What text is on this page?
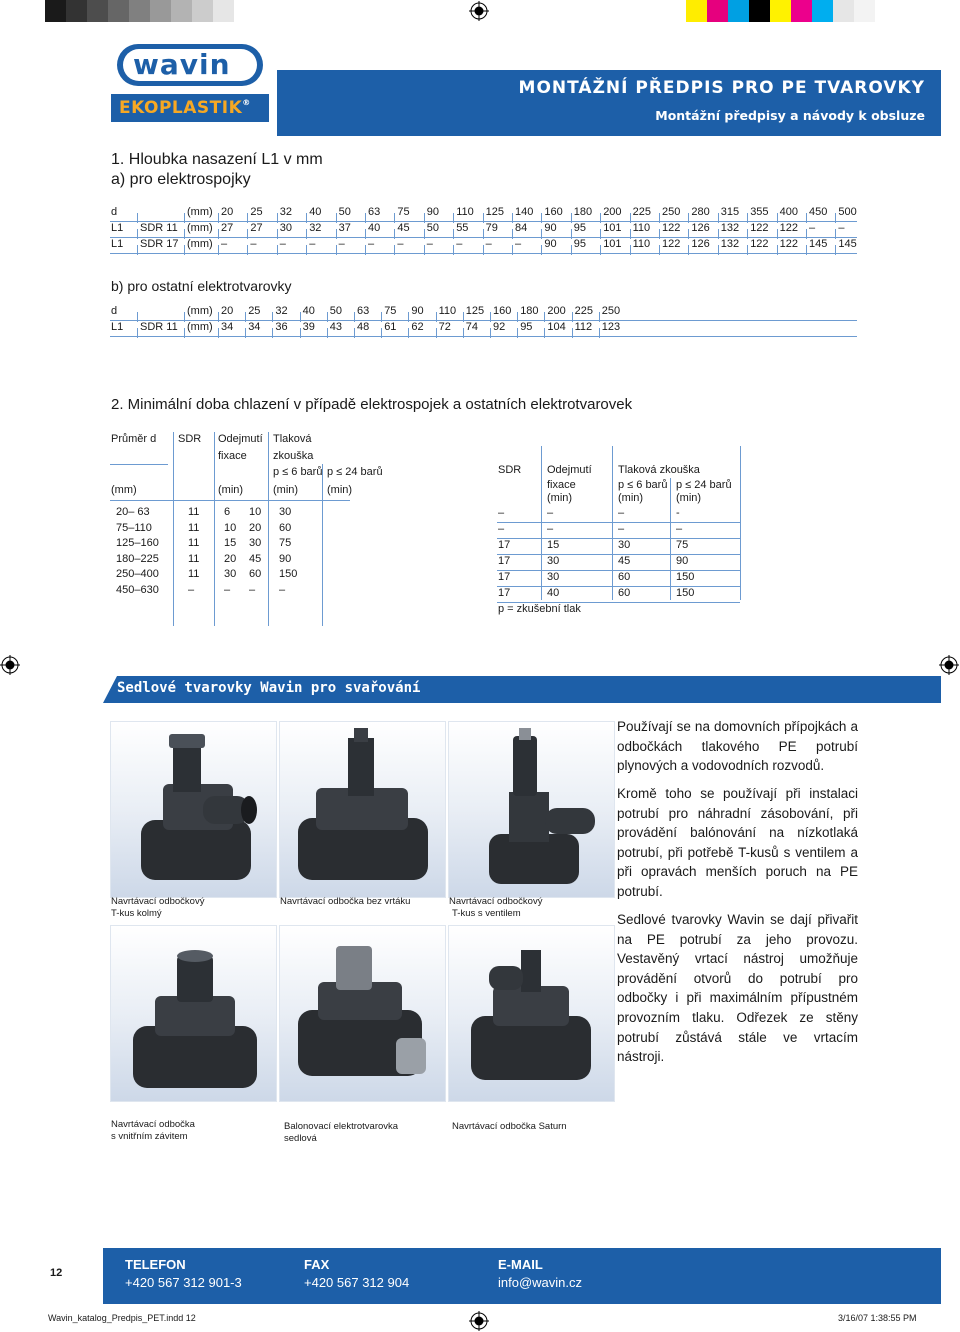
wavin
EKOPLASTIK®
MONTÁŽNÍ PŘEDPIS PRO PE TVAROVKY
Montážní předpisy a návody k obsluze
1. Hloubka nasazení L1 v mm
a) pro elektrospojky
d	(mm) 20 25 32 40 50 63 75 90 110 125 140 160 180 200 225 250 280 315 355 400 450 500
L1 SDR 11 (mm) 27 27 30 32 37 40 45 50 55 79 84 90 95 101 110 122 126 132 122 122 – –
L1 SDR 17 (mm) – – – – – – – – – – – 90 95 101 110 122 126 132 122 122 145 145
b) pro ostatní elektrotvarovky
d	(mm) 20 25 32 40 50 63 75 90 110 125 160 180 200 225 250
L1 SDR 11 (mm) 34 34 36 39 43 48 61 62 72 74 92 95 104 112 123
2. Minimální doba chlazení v případě elektrospojek a ostatních elektrotvarovek
Průměr d SDR Odejmutí
fixace
Tlaková
zkouška
p ≤ 6 barů p ≤ 24 barů
(mm)	(min)	(min)	(min)
20– 63	11 6 10 30
75–110	11 10 20 60
125–160	11 15 30 75
180–225	11 20 45 90
250–400	11 30 60 150
450–630	–	– – –
SDR Odejmutí
fixace
(min)
Tlaková zkouška
p ≤ 6 barů p ≤ 24 barů
(min)	(min)
–	–	–	-
–	–	–	–
17	15	30	75
17	30	45	90
17	30	60	150
17	40	60	150
p = zkušební tlak
Sedlové tvarovky Wavin pro svařování
Navrtávací odbočkový
T-kus kolmý
Navrtávací odbočka bez vrtáku	Navrtávací odbočkový
T-kus s ventilem
Navrtávací odbočka
s vnitřním závitem
Balonovací elektrotvarovka
sedlová
Navrtávací odbočka Saturn
Používají se na domovních přípojkách a odbočkách tlakového PE potrubí plynových a vodovodních rozvodů.
Kromě toho se používají při instalaci potrubí pro náhradní zásobování, při provádění balónování na nízkotlaká potrubí, při potřebě T-kusů s ventilem a při opravách menších poruch na PE potrubí.
Sedlové tvarovky Wavin se dají přivařit na PE potrubí za jeho provozu. Vestavěný vrtací nástroj umožňuje provádění otvorů do potrubí pro odbočky i při maximálním přípustném provozním tlaku. Odřezek ze stěny potrubí zůstává stále ve vrtacím nástroji.
12
TELEFON
+420 567 312 901-3
FAX
+420 567 312 904
E-MAIL
info@wavin.cz
Wavin_katalog_Predpis_PET.indd 12	3/16/07 1:38:55 PM
